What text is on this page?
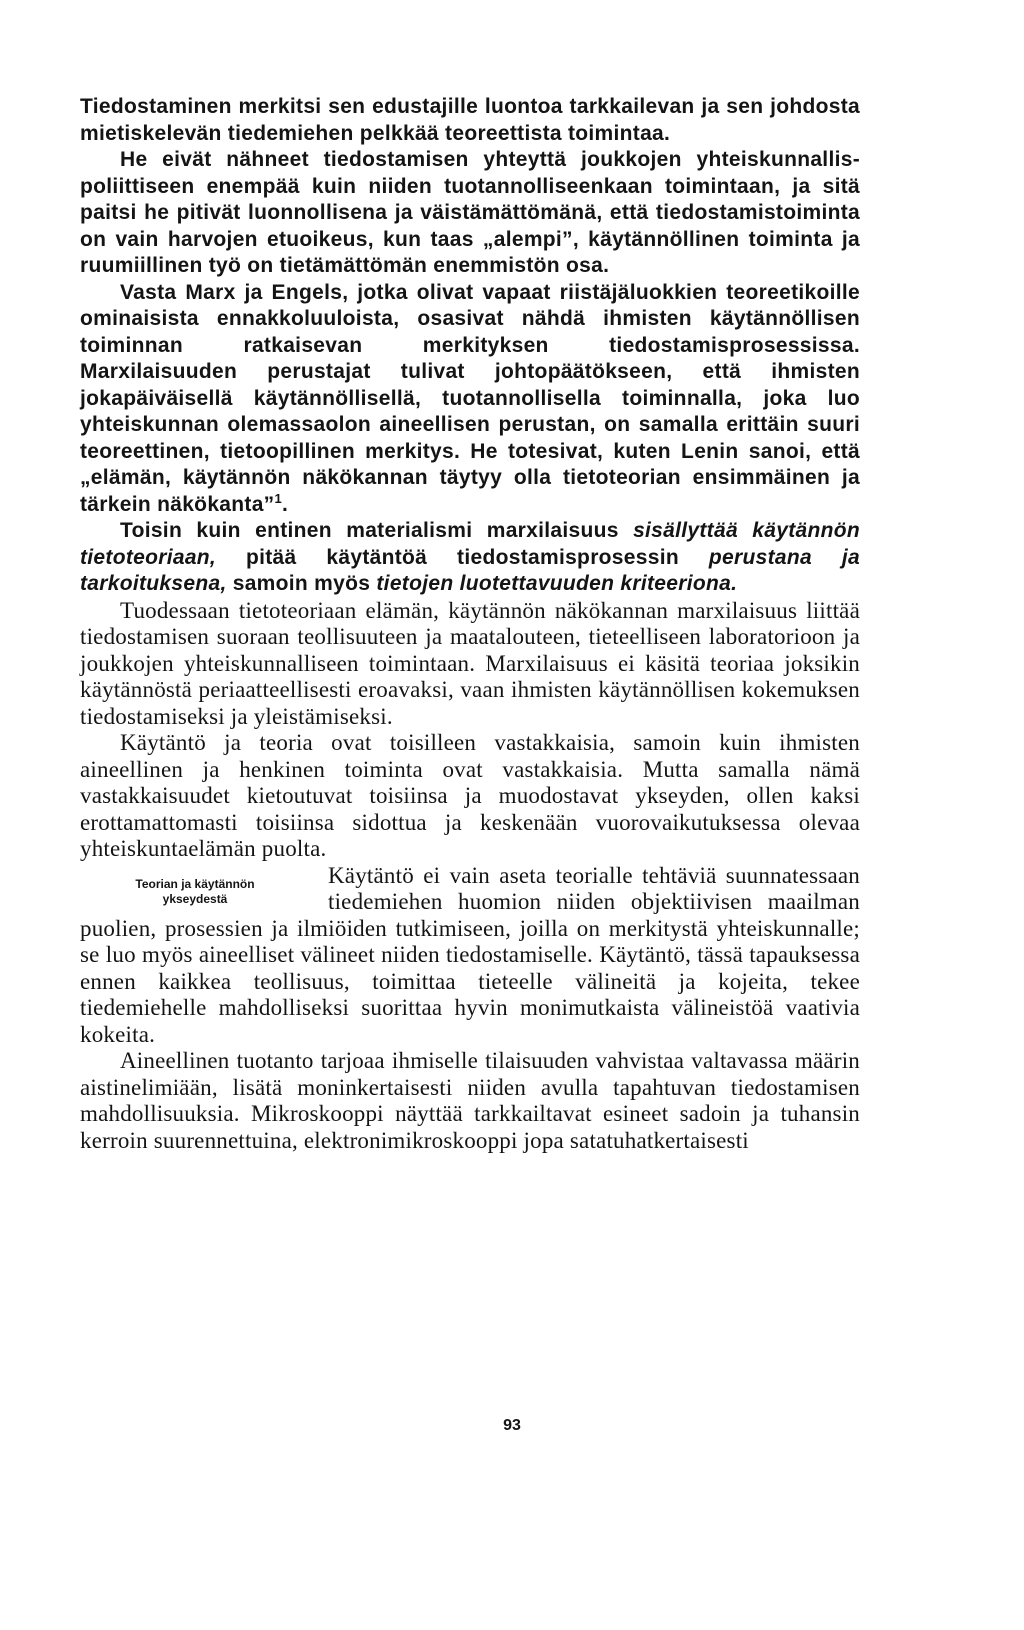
Tiedostaminen merkitsi sen edustajille luontoa tarkkailevan ja sen johdosta mietiskelevän tiedemiehen pelkkää teoreettista toimintaa.

He eivät nähneet tiedostamisen yhteyttä joukkojen yhteiskunnallis-poliittiseen enempää kuin niiden tuotannolliseenkaan toimintaan, ja sitä paitsi he pitivät luonnollisena ja väistämättömänä, että tiedostamistoiminta on vain harvojen etuoikeus, kun taas „alempi”, käytännöllinen toiminta ja ruumiillinen työ on tietämättömän enemmistön osa.

Vasta Marx ja Engels, jotka olivat vapaat riistäjäluokkien teoreetikoille ominaisista ennakkoluuloista, osasivat nähdä ihmisten käytännöllisen toiminnan ratkaisevan merkityksen tiedostamisprosessissa. Marxilaisuuden perustajat tulivat johtopäätökseen, että ihmisten jokapäiväisellä käytännöllisellä, tuotannollisella toiminnalla, joka luo yhteiskunnan olemassaolon aineellisen perustan, on samalla erittäin suuri teoreettinen, tietoopillinen merkitys. He totesivat, kuten Lenin sanoi, että „elämän, käytännön näkökannan täytyy olla tietoteorian ensimmäinen ja tärkein näkökanta”$^1$.

Toisin kuin entinen materialismi marxilaisuus sisällyttää käytännön tietoteoriaan, pitää käytäntöä tiedostamisprosessin perustana ja tarkoituksena, samoin myös tietojen luotettavuuden kriteeriona.

Tuodessaan tietoteoriaan elämän, käytännön näkökannan marxilaisuus liittää tiedostamisen suoraan teollisuuteen ja maatalouteen, tieteelliseen laboratorioon ja joukkojen yhteiskunnalliseen toimintaan. Marxilaisuus ei käsitä teoriaa joksikin käytännöstä periaatteellisesti eroavaksi, vaan ihmisten käytännöllisen kokemuksen tiedostamiseksi ja yleistämiseksi.

Käytäntö ja teoria ovat toisilleen vastakkaisia, samoin kuin ihmisten aineellinen ja henkinen toiminta ovat vastakkaisia. Mutta samalla nämä vastakkaisuudet kietoutuvat toisiinsa ja muodostavat ykseyden, ollen kaksi erottamattomasti toisiinsa sidottua ja keskenään vuorovaikutuksessa olevaa yhteiskuntaelämän puolta.

Teorian ja käytännön
ykseydestä

Käytäntö ei vain aseta teorialle tehtäviä suunnatessaan tiedemiehen huomion niiden objektiivisen maailman puolien, prosessien ja ilmiöiden tutkimiseen, joilla on merkitystä yhteiskunnalle; se luo myös aineelliset välineet niiden tiedostamiselle. Käytäntö, tässä tapauksessa ennen kaikkea teollisuus, toimittaa tieteelle välineitä ja kojeita, tekee tiedemiehelle mahdolliseksi suorittaa hyvin monimutkaista välineistöä vaativia kokeita.

Aineellinen tuotanto tarjoaa ihmiselle tilaisuuden vahvistaa valtavassa määrin aistinelimiään, lisätä moninkertaisesti niiden avulla tapahtuvan tiedostamisen mahdollisuuksia. Mikroskooppi näyttää tarkkailtavat esineet sadoin ja tuhansin kerroin suurennettuina, elektronimikroskooppi jopa satatuhatkertaisesti

93
